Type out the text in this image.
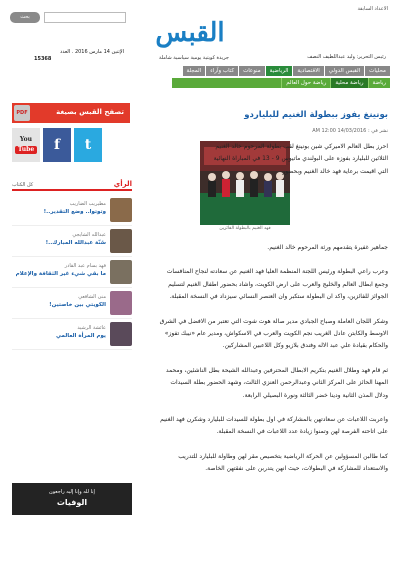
الاعداد السابقة
بحث
القبس
جريدة كويتية يومية سياسية شاملة	رئيس التحرير: وليد عبداللطيف النصف
الإثنين 14 مارس 2016 . العدد
15368
محليات
القبس الدولي
الاقتصادية
الرياضية
منوعات
كتاب وآراء
المجلة
رياضة
رياضة محلية
رياضة حول العالم
PDF	تصفح القبس بصيغة
You
Tube	f	t
الرأي
كل الكتاب
مطيريب الضاريب
وتوتوا.. وضع التقدير..!
عبدالله الشايجي
سُنّة عبدالله المبارك..!
فهد بسام عبد القادر
ما بقي شيء غير الثقافة والإعلام
منى الشافعي
الكويتي بين خاصتين!
عائشة الرشيد
يوم المرأة العالمي
إنا لله وإنا إليه راجعون
الوفيات
بونينغ يفوز ببطولة الغنيم للبلياردو
نشر في : 14/03/2016 12:00 AM
فهد الغنيم بالبطولة الفائزين

احرز بطل العالم الاميركي شين بونينغ لقب بطولة المرحوم خالد الغنيم الثلاثين للبليارد بفوزه على البولندي ماتيوس 9 - 13 في المباراة النهائية التي اقيمت برعاية فهد خالد الغنيم وبحضور

جماهير غفيرة يتقدمهم ورثة المرحوم خالد الغنيم.

وعرب راعي البطولة ورئيس اللجنة المنظمة العليا فهد الغنيم عن سعادته لنجاح المنافسات وجمع ابطال العالم والخليج والعرب على ارض الكويت، واشاد بحضور اطفال الغنيم لتسليم الجوائز للفائزين، واكد ان البطولة ستكبر وان العنصر النسائي سيزداد في النسخة المقبلة.

وشكر اللجان العاملة وصباح الجبادي مدير صالة هوت شوت التي تعتبر من الافضل في الشرق الاوسط والكابتن عادل الغريب نجم الكويت والعرب في الاسكواش، ومدير عام «نيبك تفوز» والحكام بقيادة علي عبد الاله وفندق بلازيو وكل اللاعبين المشاركين.

ثم قام فهد وطلال الغنيم بتكريم الابطال المحترفين وعبدالله الشيحة بطل الناشئين، ومحمد المهنا الحائز على المركز الثاني وعبدالرحمن العنزي الثالث، وشهد الحضور بطلة السيدات ودلال المذن الثانية ودينا خضر الثالثة ونورة البصيلي الرابعة.

واعربت اللاعبات عن سعادتهن بالمشاركة في اول بطولة للسيدات للبليارد وشكرن فهد الغنيم على اتاحته الفرصة لهن وتمنوا زيادة عدد اللاعبات في النسخة المقبلة.

كما طالبن المسؤولين عن الحركة الرياضية بتخصيص مقر لهن وطاولة للبليارد للتدريب والاستعداد للمشاركة في البطولات، حيث انهن يتدربن على نفقتهن الخاصة.
